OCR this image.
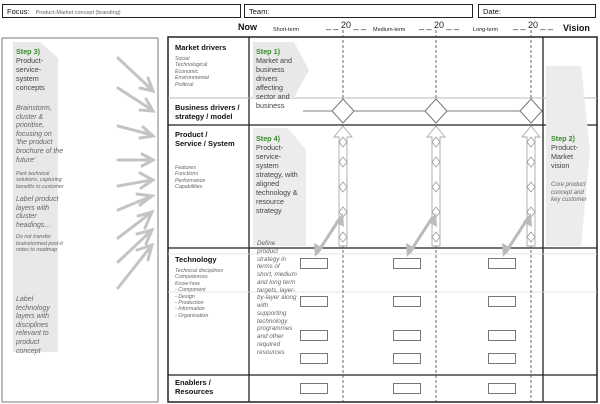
Focus: Product-Market concept (branding)	Team:	Date:
Now	Vision
Short-term	_ _ 20 _ _ Medium-term _ _ 20 _ _	Long-term _ _ 20 _ _
Market drivers
Social
Technological
Economic
Environmental
Political
Business drivers / strategy / model
Product / Service / System
Features
Functions
Performance
Capabilities
Technology
Technical disciplines
Competences
Know-how
- Component
- Design
- Production
- Information
- Organisation
Enablers / Resources
Step 1)
Market and business drivers affecting sector and business
Step 4)
Product-service-system strategy, with aligned technology & resource strategy
Define product strategy in terms of short, medium and long term targets, layer-by-layer along with supporting technology programmes and other required resources
Step 2)
Product-Market vision
Core product concept and key customer
Step 3)
Product-service-system concepts
Brainstorm, cluster & prioritise, focusing on 'the product brochure of the future'
Park technical solutions, capturing benefits to customer
Label product layers with cluster headings…
Do not transfer brainstormed post-it notes to roadmap
Label technology layers with disciplines relevant to product concept
